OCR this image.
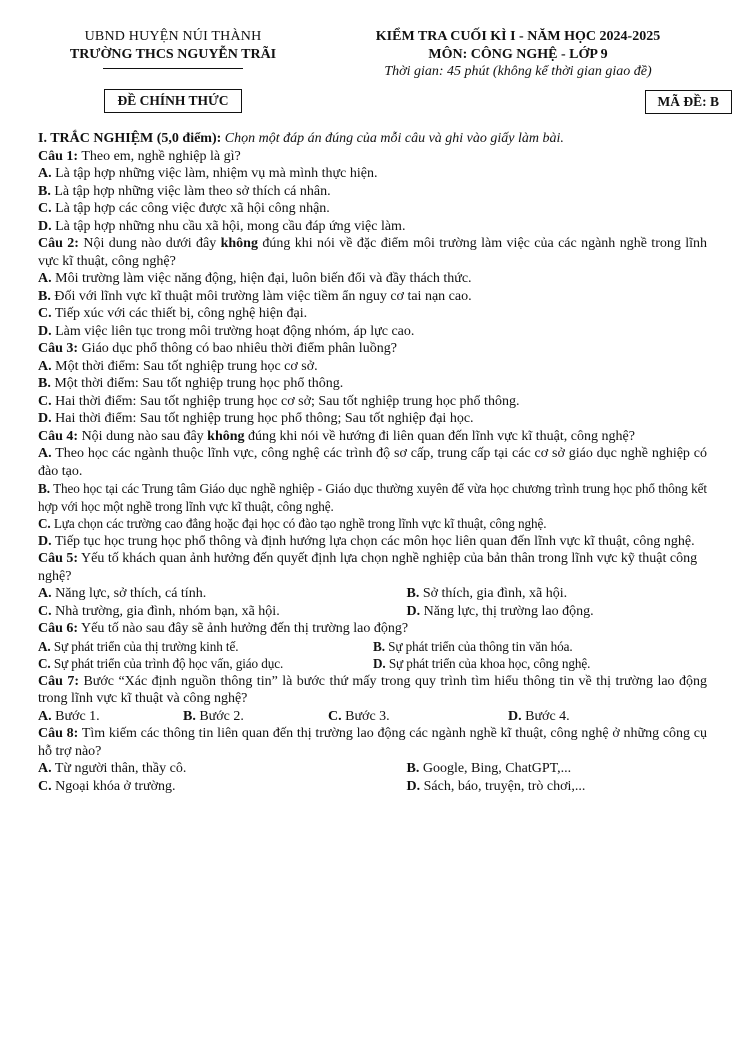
UBND HUYỆN NÚI THÀNH
TRƯỜNG THCS NGUYỄN TRÃI
ĐỀ CHÍNH THỨC
KIỂM TRA CUỐI KÌ I - NĂM HỌC 2024-2025
MÔN: CÔNG NGHỆ - LỚP 9
Thời gian: 45 phút (không kể thời gian giao đề)
MÃ ĐỀ: B
I. TRẮC NGHIỆM (5,0 điểm): Chọn một đáp án đúng của mỗi câu và ghi vào giấy làm bài.
Câu 1: Theo em, nghề nghiệp là gì?
A. Là tập hợp những việc làm, nhiệm vụ mà mình thực hiện.
B. Là tập hợp những việc làm theo sở thích cá nhân.
C. Là tập hợp các công việc được xã hội công nhận.
D. Là tập hợp những nhu cầu xã hội, mong cầu đáp ứng việc làm.
Câu 2: Nội dung nào dưới đây không đúng khi nói về đặc điểm môi trường làm việc của các ngành nghề trong lĩnh vực kĩ thuật, công nghệ?
A. Môi trường làm việc năng động, hiện đại, luôn biến đổi và đầy thách thức.
B. Đối với lĩnh vực kĩ thuật môi trường làm việc tiềm ẩn nguy cơ tai nạn cao.
C. Tiếp xúc với các thiết bị, công nghệ hiện đại.
D. Làm việc liên tục trong môi trường hoạt động nhóm, áp lực cao.
Câu 3: Giáo dục phổ thông có bao nhiêu thời điểm phân luồng?
A. Một thời điểm: Sau tốt nghiệp trung học cơ sở.
B. Một thời điểm: Sau tốt nghiệp trung học phổ thông.
C. Hai thời điểm: Sau tốt nghiệp trung học cơ sở; Sau tốt nghiệp trung học phổ thông.
D. Hai thời điểm: Sau tốt nghiệp trung học phổ thông; Sau tốt nghiệp đại học.
Câu 4: Nội dung nào sau đây không đúng khi nói về hướng đi liên quan đến lĩnh vực kĩ thuật, công nghệ?
A. Theo học các ngành thuộc lĩnh vực, công nghệ các trình độ sơ cấp, trung cấp tại các cơ sở giáo dục nghề nghiệp có đào tạo.
B. Theo học tại các Trung tâm Giáo dục nghề nghiệp - Giáo dục thường xuyên để vừa học chương trình trung học phổ thông kết hợp với học một nghề trong lĩnh vực kĩ thuật, công nghệ.
C. Lựa chọn các trường cao đẳng hoặc đại học có đào tạo nghề trong lĩnh vực kĩ thuật, công nghệ.
D. Tiếp tục học trung học phổ thông và định hướng lựa chọn các môn học liên quan đến lĩnh vực kĩ thuật, công nghệ.
Câu 5: Yếu tố khách quan ảnh hưởng đến quyết định lựa chọn nghề nghiệp của bản thân trong lĩnh vực kỹ thuật công nghệ?
A. Năng lực, sở thích, cá tính.	B. Sở thích, gia đình, xã hội.
C. Nhà trường, gia đình, nhóm bạn, xã hội.	D. Năng lực, thị trường lao động.
Câu 6: Yếu tố nào sau đây sẽ ảnh hưởng đến thị trường lao động?
A. Sự phát triển của thị trường kinh tế.	B. Sự phát triển của thông tin văn hóa.
C. Sự phát triển của trình độ học vấn, giáo dục.	D. Sự phát triển của khoa học, công nghệ.
Câu 7: Bước “Xác định nguồn thông tin” là bước thứ mấy trong quy trình tìm hiểu thông tin về thị trường lao động trong lĩnh vực kĩ thuật và công nghệ?
A. Bước 1.	B. Bước 2.	C. Bước 3.	D. Bước 4.
Câu 8: Tìm kiếm các thông tin liên quan đến thị trường lao động các ngành nghề kĩ thuật, công nghệ ở những công cụ hỗ trợ nào?
A. Từ người thân, thầy cô.	B. Google, Bing, ChatGPT,...
C. Ngoại khóa ở trường.	D. Sách, báo, truyện, trò chơi,...
